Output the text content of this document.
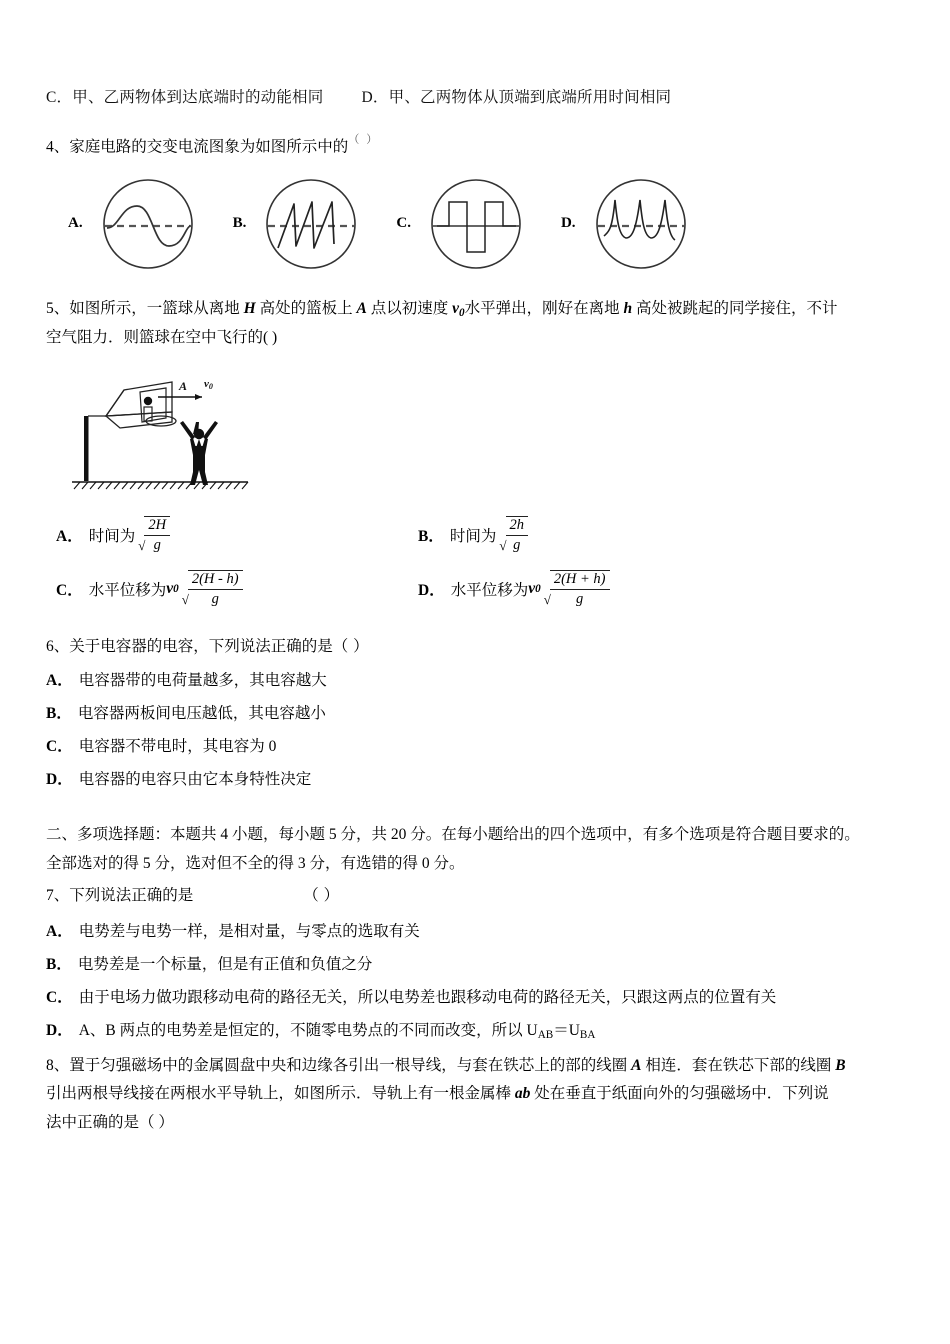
C．甲、乙两物体到达底端时的动能相同 D．甲、乙两物体从顶端到底端所用时间相同
4、家庭电路的交变电流图象为如图所示中的（ ）
A.	B.	C.	D.
5、如图所示，一篮球从离地 H 高处的篮板上 A 点以初速度 $v_0$水平弹出，刚好在离地 h 高处被跳起的同学接住，不计
空气阻力．则篮球在空中飞行的( )
A v0
A． 时间为
√ $\frac{2H}{g}$	B． 时间为
√ $\frac{2h}{g}$
C． 水平位移为 v 0
√ $\frac{2(H - h)}{g}$	D． 水平位移为 v 0
√ $\frac{2(H + h)}{g}$
6、关于电容器的电容，下列说法正确的是（ ）
A． 电容器带的电荷量越多，其电容越大
B． 电容器两板间电压越低，其电容越小
C． 电容器不带电时，其电容为 0
D． 电容器的电容只由它本身特性决定
二、多项选择题：本题共 4 小题，每小题 5 分，共 20 分。在每小题给出的四个选项中，有多个选项是符合题目要求的。
全部选对的得 5 分，选对但不全的得 3 分，有选错的得 0 分。
7、下列说法正确的是	（ ）
A． 电势差与电势一样，是相对量，与零点的选取有关
B． 电势差是一个标量，但是有正值和负值之分
C． 由于电场力做功跟移动电荷的路径无关，所以电势差也跟移动电荷的路径无关，只跟这两点的位置有关
D． A、B 两点的电势差是恒定的，不随零电势点的不同而改变，所以 $U_{AB}=U_{BA}$
8、置于匀强磁场中的金属圆盘中央和边缘各引出一根导线，与套在铁芯上的部的线圈 A 相连．套在铁芯下部的线圈 B
引出两根导线接在两根水平导轨上，如图所示．导轨上有一根金属棒 ab 处在垂直于纸面向外的匀强磁场中．下列说
法中正确的是（ ）
